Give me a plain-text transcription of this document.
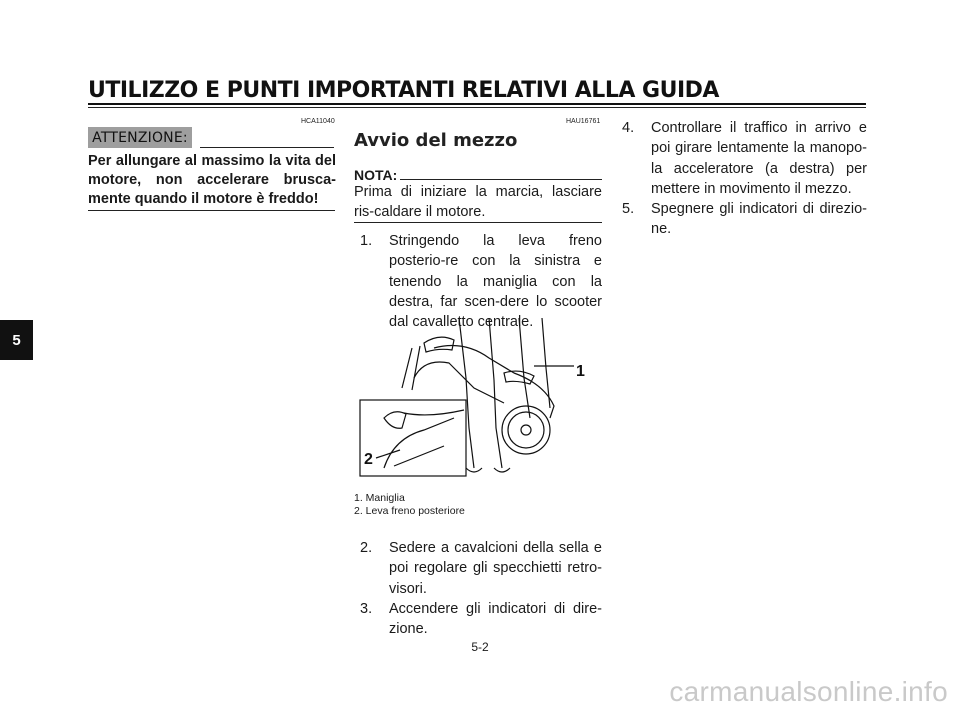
UTILIZZO E PUNTI IMPORTANTI RELATIVI ALLA GUIDA
5
HCA11040
ATTENZIONE:
Per allungare al massimo la vita del
motore, non accelerare brusca-
mente quando il motore è freddo!
HAU16761
Avvio del mezzo
NOTA:
Prima di iniziare la marcia, lasciare ris-caldare il motore.
1. Stringendo la leva freno posterio-re con la sinistra e tenendo la maniglia con la destra, far scen-dere lo scooter dal cavalletto centrale.
1
2
1. Maniglia
2. Leva freno posteriore
2. Sedere a cavalcioni della sella e poi regolare gli specchietti retro-visori.
3. Accendere gli indicatori di dire-zione.
4. Controllare il traffico in arrivo e poi girare lentamente la manopo-la acceleratore (a destra) per mettere in movimento il mezzo.
5. Spegnere gli indicatori di direzio-ne.
5-2
carmanualsonline.info
